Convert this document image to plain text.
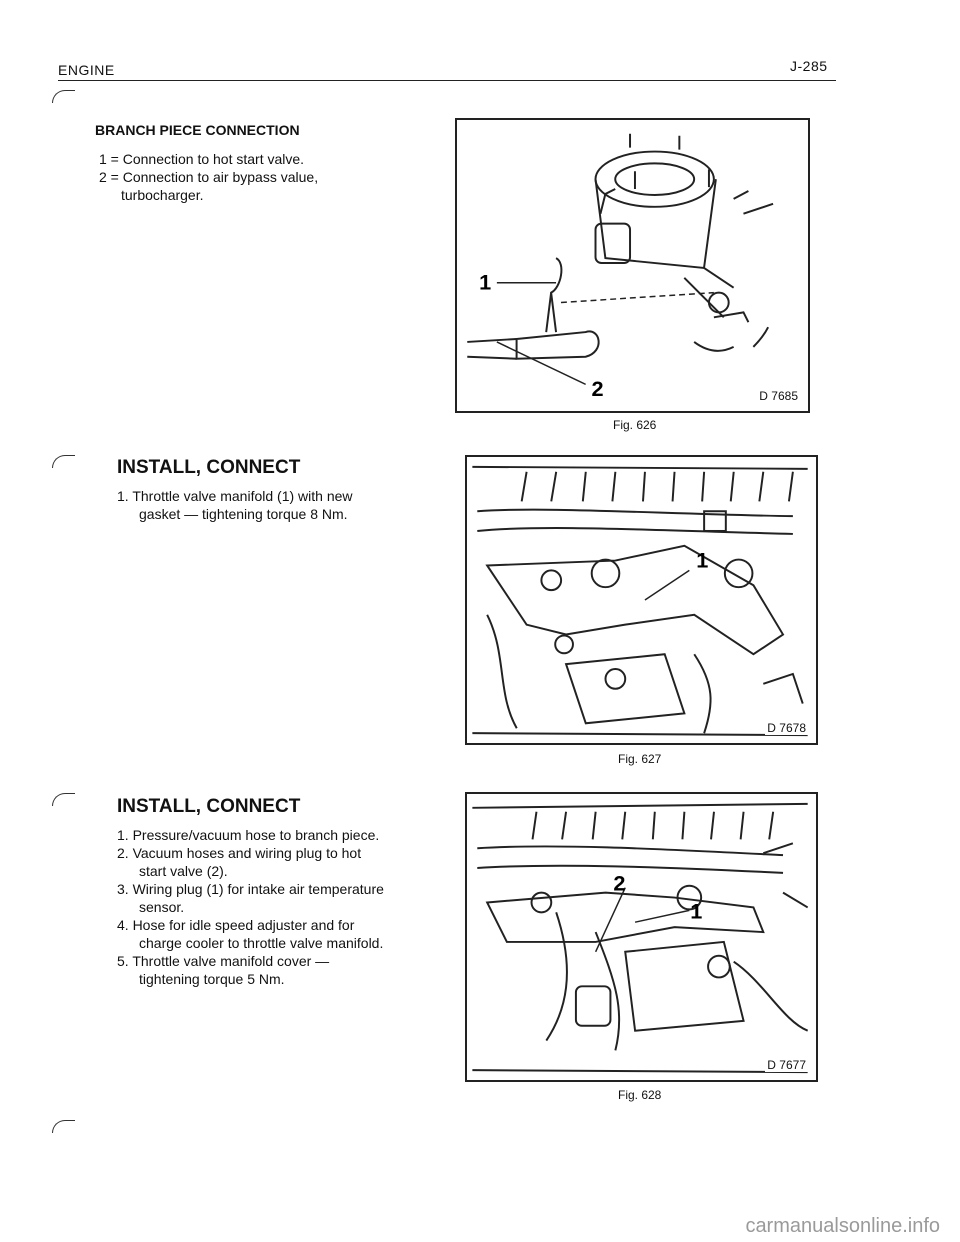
ENGINE	J-285
BRANCH PIECE CONNECTION
1 = Connection to hot start valve.
2 = Connection to air bypass value,
turbocharger.
INSTALL, CONNECT
1. Throttle valve manifold (1) with new
gasket — tightening torque 8 Nm.
INSTALL, CONNECT
1. Pressure/vacuum hose to branch piece.
2. Vacuum hoses and wiring plug to hot
start valve (2).
3. Wiring plug (1) for intake air temperature
sensor.
4. Hose for idle speed adjuster and for
charge cooler to throttle valve manifold.
5. Throttle valve manifold cover —
tightening torque 5 Nm.
1
2	D 7685
Fig. 626
1
D 7678
Fig. 627
2
1
D 7677
Fig. 628
carmanualsonline.info
